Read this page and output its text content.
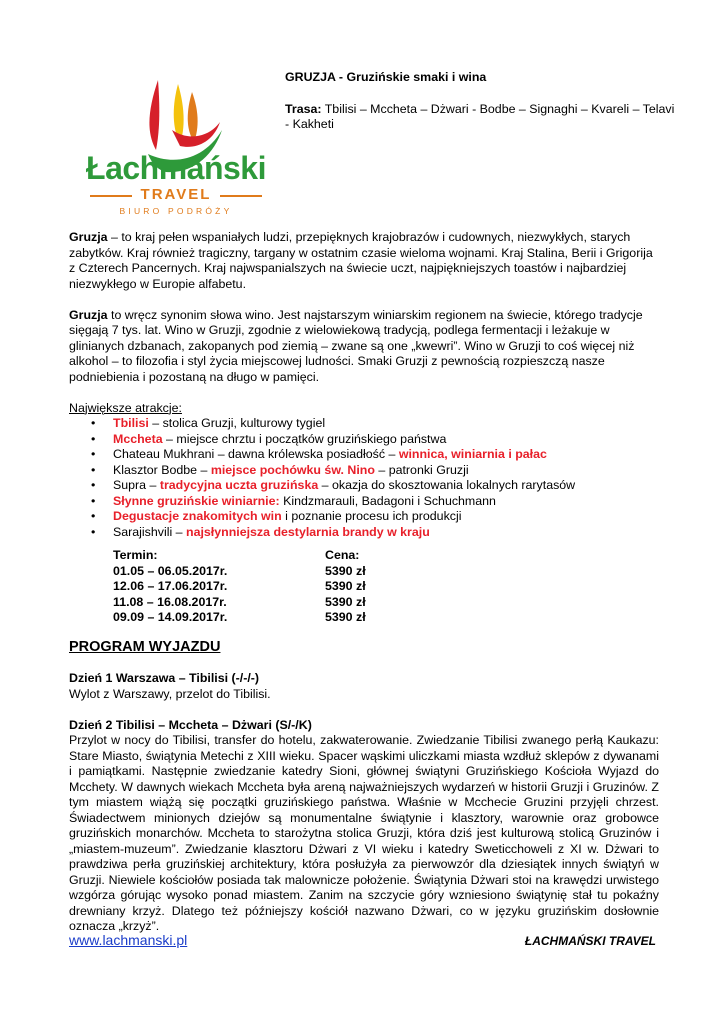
Łachmański
TRAVEL
BIURO PODRÓŻY
GRUZJA - Gruzińskie smaki i wina
Trasa: Tbilisi – Mccheta – Dżwari - Bodbe – Signaghi – Kvareli – Telavi - Kakheti

Gruzja – to kraj pełen wspaniałych ludzi, przepięknych krajobrazów i cudownych, niezwykłych, starych zabytków. Kraj również tragiczny, targany w ostatnim czasie wieloma wojnami. Kraj Stalina, Berii i Grigorija z Czterech Pancernych. Kraj najwspanialszych na świecie uczt, najpiękniejszych toastów i najbardziej niezwykłego w Europie alfabetu.

Gruzja to wręcz synonim słowa wino. Jest najstarszym winiarskim regionem na świecie, którego tradycje sięgają 7 tys. lat. Wino w Gruzji, zgodnie z wielowiekową tradycją, podlega fermentacji i leżakuje w glinianych dzbanach, zakopanych pod ziemią – zwane są one „kwewri”. Wino w Gruzji to coś więcej niż alkohol – to filozofia i styl życia miejscowej ludności. Smaki Gruzji z pewnością rozpieszczą nasze podniebienia i pozostaną na długo w pamięci.

Największe atrakcje:
• Tbilisi – stolica Gruzji, kulturowy tygiel
• Mccheta – miejsce chrztu i początków gruzińskiego państwa
• Chateau Mukhrani – dawna królewska posiadłość – winnica, winiarnia i pałac
• Klasztor Bodbe – miejsce pochówku św. Nino – patronki Gruzji
• Supra – tradycyjna uczta gruzińska – okazja do skosztowania lokalnych rarytasów
• Słynne gruzińskie winiarnie: Kindzmarauli, Badagoni i Schuchmann
• Degustacje znakomitych win i poznanie procesu ich produkcji
• Sarajishvili – najsłynniejsza destylarnia brandy w kraju
Termin:	Cena:
01.05 – 06.05.2017r.	5390 zł
12.06 – 17.06.2017r.	5390 zł
11.08 – 16.08.2017r.	5390 zł
09.09 – 14.09.2017r.	5390 zł
PROGRAM WYJAZDU
Dzień 1 Warszawa – Tibilisi (-/-/-)

Wylot z Warszawy, przelot do Tibilisi.

Dzień 2 Tibilisi – Mccheta – Dżwari (S/-/K)

Przylot w nocy do Tibilisi, transfer do hotelu, zakwaterowanie. Zwiedzanie Tibilisi zwanego perłą Kaukazu: Stare Miasto, świątynia Metechi z XIII wieku. Spacer wąskimi uliczkami miasta wzdłuż sklepów z dywanami i pamiątkami. Następnie zwiedzanie katedry Sioni, głównej świątyni Gruzińskiego Kościoła Wyjazd do Mcchety. W dawnych wiekach Mccheta była areną najważniejszych wydarzeń w historii Gruzji i Gruzinów. Z tym miastem wiążą się początki gruzińskiego państwa. Właśnie w Mcchecie Gruzini przyjęli chrzest. Świadectwem minionych dziejów są monumentalne świątynie i klasztory, warownie oraz grobowce gruzińskich monarchów. Mccheta to starożytna stolica Gruzji, która dziś jest kulturową stolicą Gruzinów i „miastem-muzeum”. Zwiedzanie klasztoru Dżwari z VI wieku i katedry Sweticchoweli z XI w. Dżwari to prawdziwa perła gruzińskiej architektury, która posłużyła za pierwowzór dla dziesiątek innych świątyń w Gruzji. Niewiele kościołów posiada tak malownicze położenie. Świątynia Dżwari stoi na krawędzi urwistego wzgórza górując wysoko ponad miastem. Zanim na szczycie góry wzniesiono świątynię stał tu pokaźny drewniany krzyż. Dlatego też późniejszy kościół nazwano Dżwari, co w języku gruzińskim dosłownie oznacza „krzyż”.

www.lachmanski.pl	ŁACHMAŃSKI TRAVEL
